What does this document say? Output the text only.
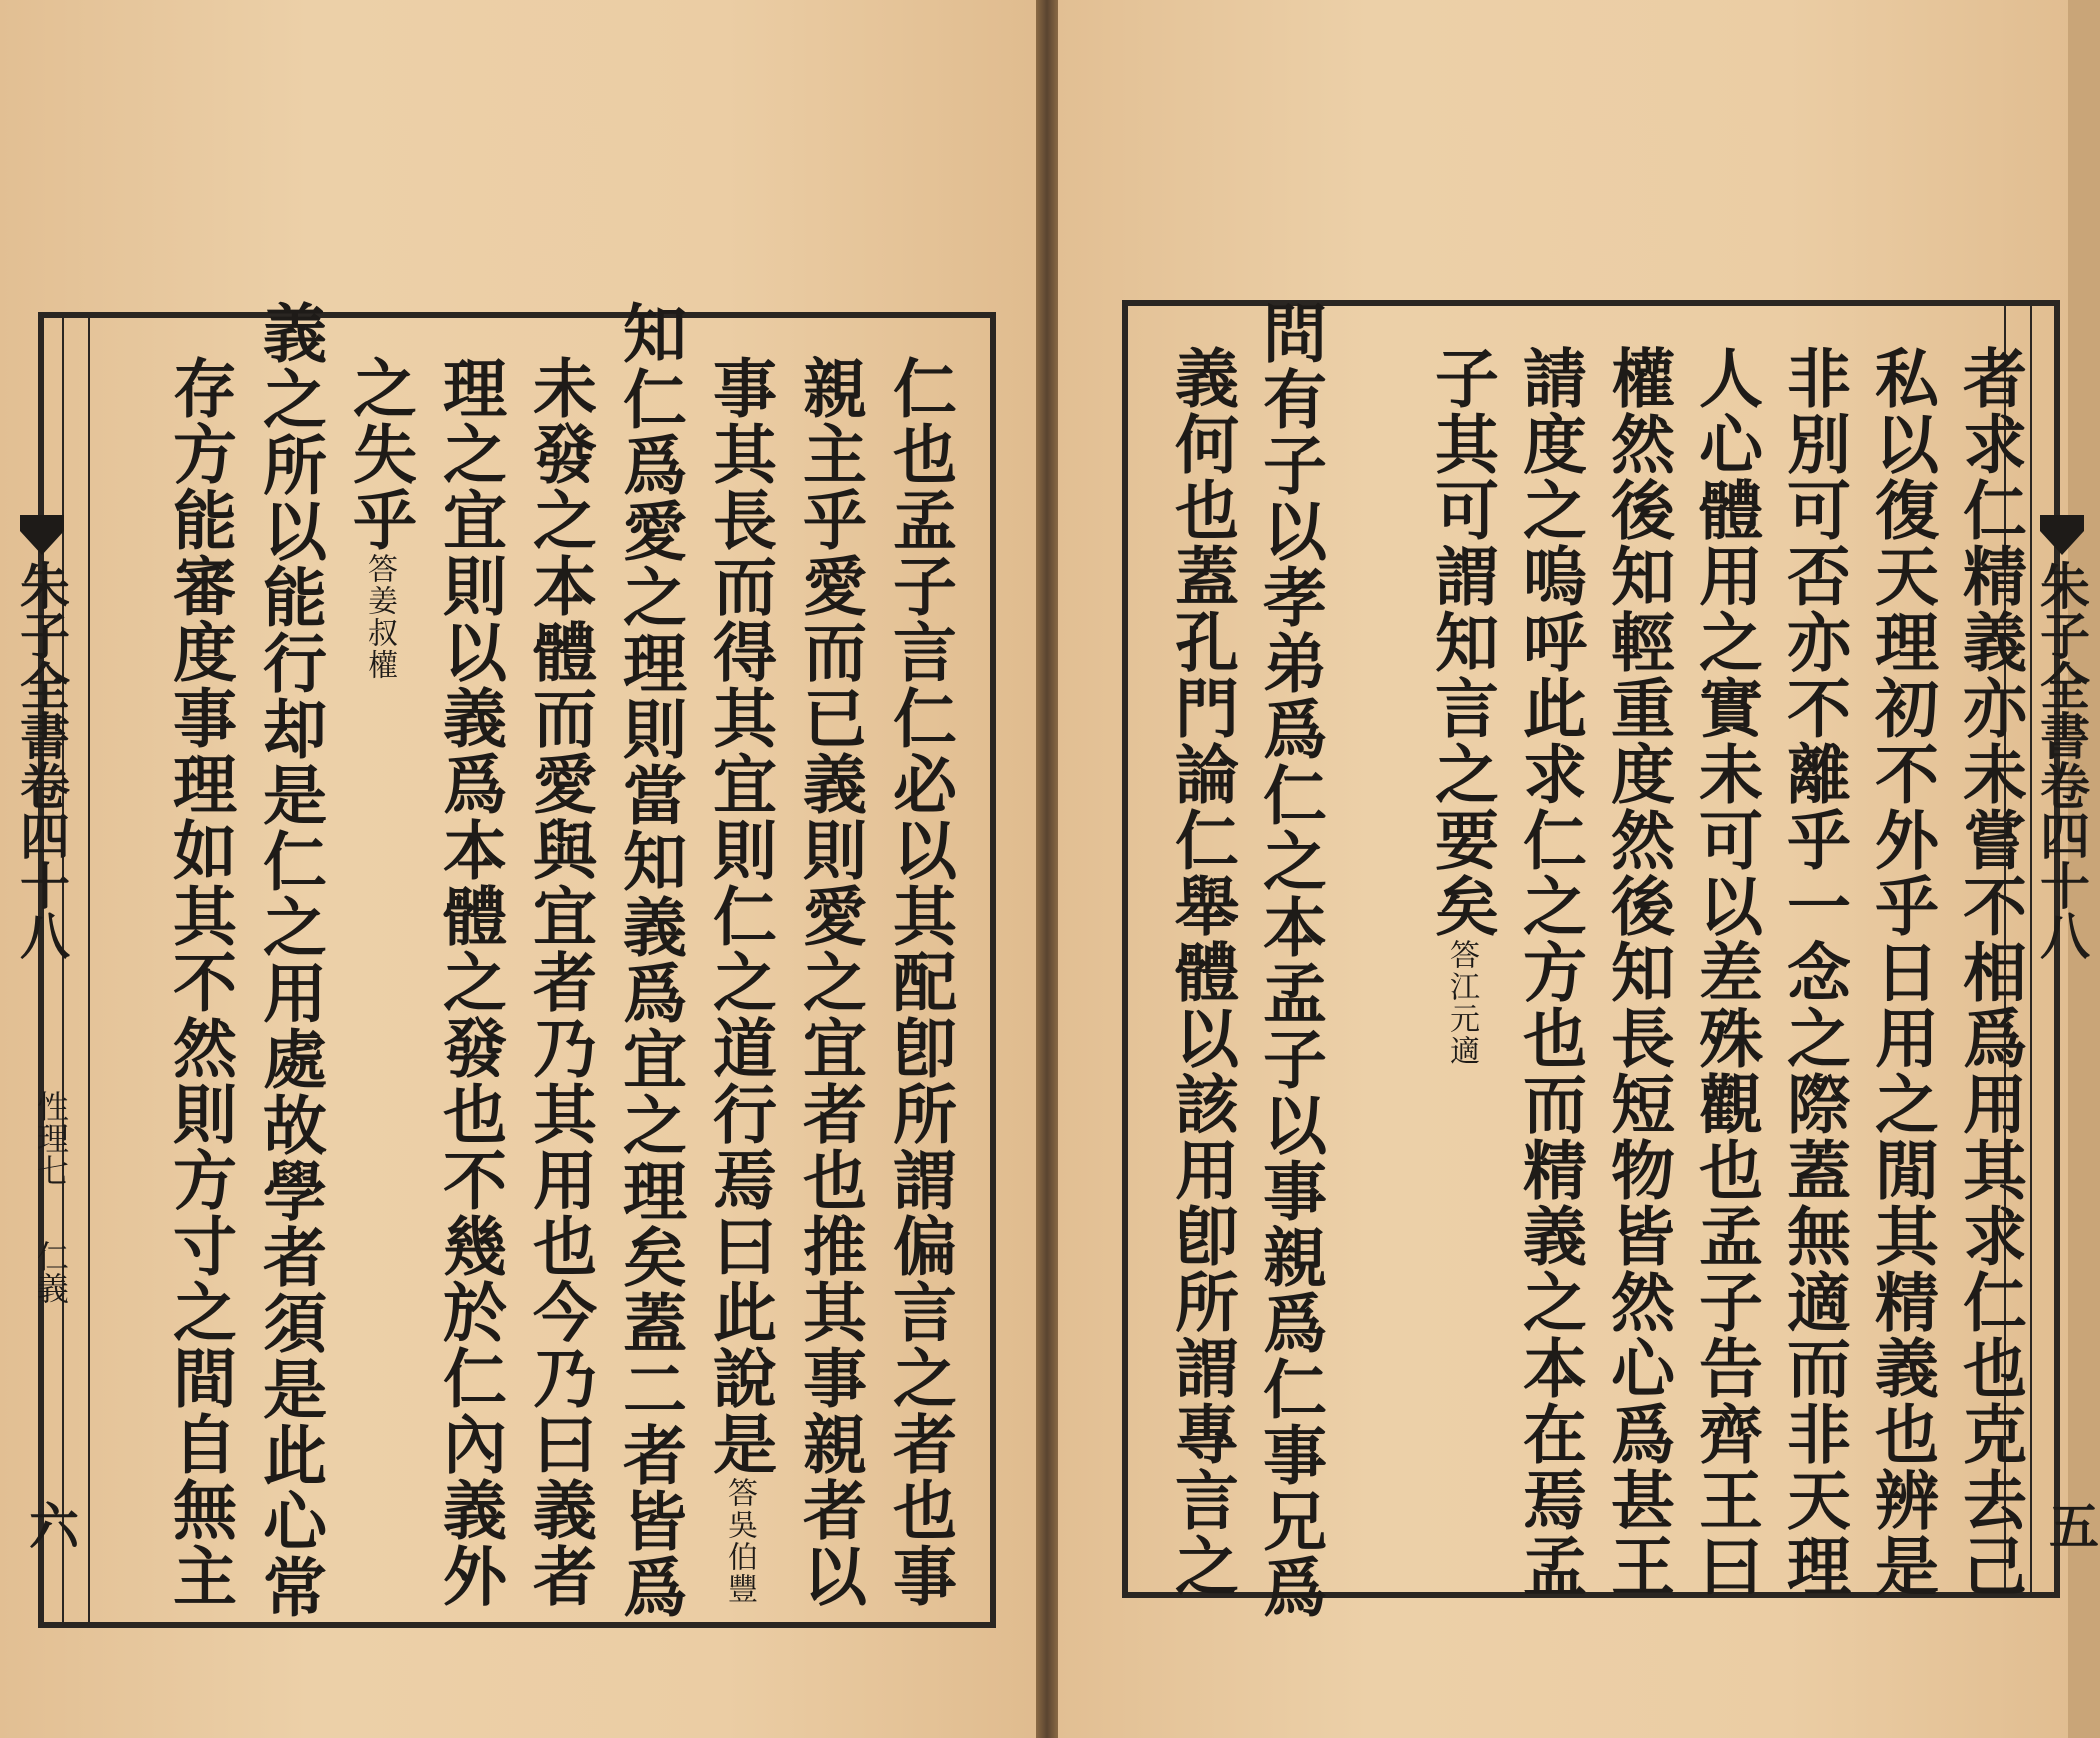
朱子全書卷四十八
性理七
仁義
六	仁也孟子言仁必以其配卽所謂偏言之者也事
親主乎愛而已義則愛之宜者也推其事親者以
事其長而得其宜則仁之道行焉曰此說是答吳伯豐
知仁爲愛之理則當知義爲宜之理矣蓋二者皆爲
未發之本體而愛與宜者乃其用也今乃曰義者
理之宜則以義爲本體之發也不幾於仁內義外
之失乎答姜叔權
義之所以能行却是仁之用處故學者須是此心常
存方能審度事理如其不然則方寸之間自無主	朱子全書卷四十八
五
者求仁精義亦未嘗不相爲用其求仁也克去己
私以復天理初不外乎日用之閒其精義也辨是
非別可否亦不離乎一念之際蓋無適而非天理
人心體用之實未可以差殊觀也孟子告齊王曰
權然後知輕重度然後知長短物皆然心爲甚王
請度之嗚呼此求仁之方也而精義之本在焉孟
子其可謂知言之要矣答江元適
問有子以孝弟爲仁之本孟子以事親爲仁事兄爲
義何也蓋孔門論仁舉體以該用卽所謂專言之
